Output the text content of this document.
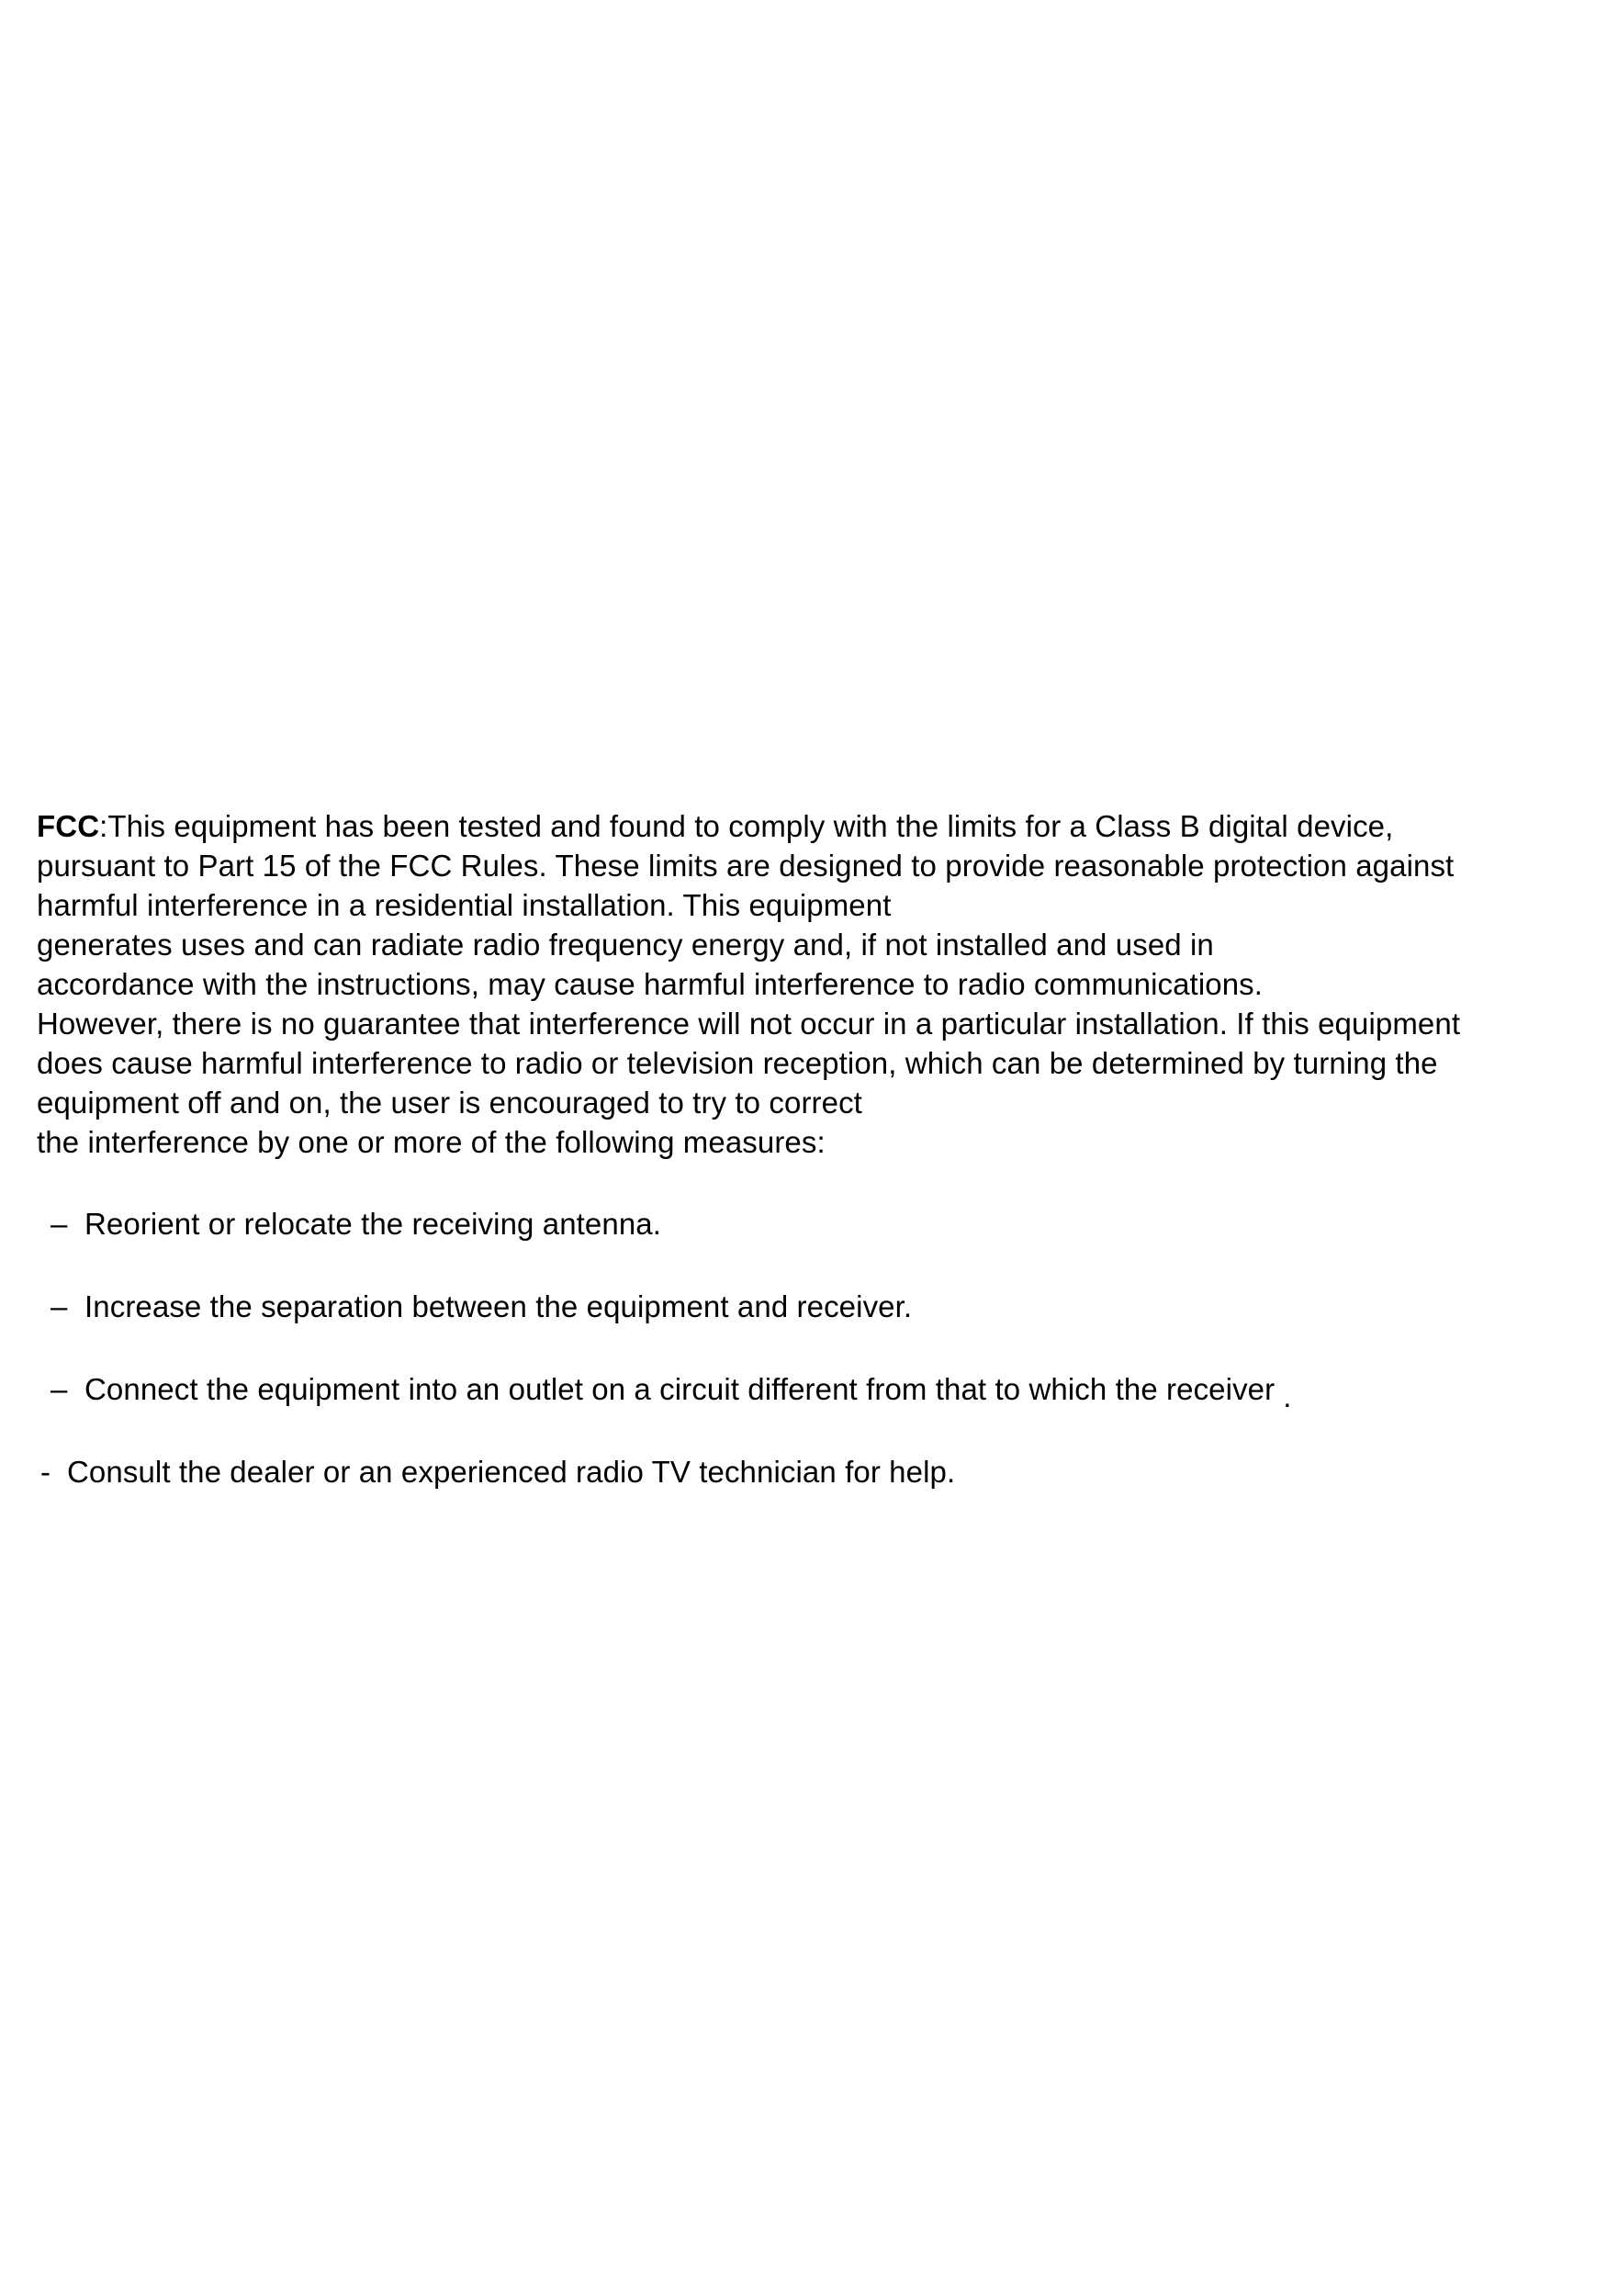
FCC:This equipment has been tested and found to comply with the limits for a Class B digital device,
pursuant to Part 15 of the FCC Rules. These limits are designed to provide reasonable protection against
harmful interference in a residential installation. This equipment
generates uses and can radiate radio frequency energy and, if not installed and used in
accordance with the instructions, may cause harmful interference to radio communications.
However, there is no guarantee that interference will not occur in a particular installation. If this equipment
does cause harmful interference to radio or television reception, which can be determined by turning the
equipment off and on, the user is encouraged to try to correct
the interference by one or more of the following measures:
– Reorient or relocate the receiving antenna.
– Increase the separation between the equipment and receiver.
– Connect the equipment into an outlet on a circuit different from that to which the receiver .
- Consult the dealer or an experienced radio TV technician for help.
